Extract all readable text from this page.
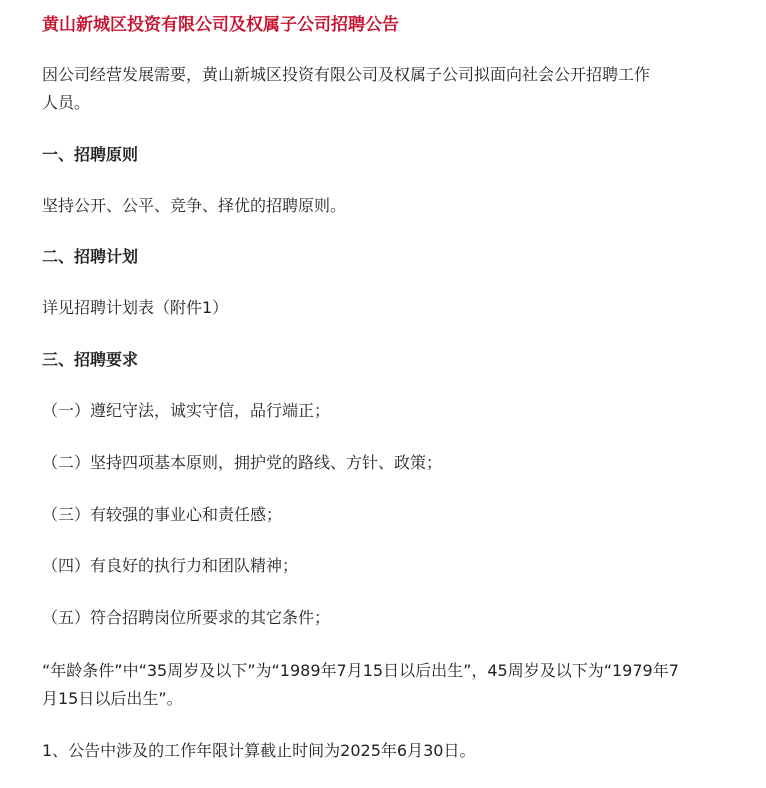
黄山新城区投资有限公司及权属子公司招聘公告
因公司经营发展需要，黄山新城区投资有限公司及权属子公司拟面向社会公开招聘工作
人员。
一、招聘原则
坚持公开、公平、竞争、择优的招聘原则。
二、招聘计划
详见招聘计划表（附件1）
三、招聘要求
（一）遵纪守法，诚实守信，品行端正；
（二）坚持四项基本原则，拥护党的路线、方针、政策；
（三）有较强的事业心和责任感；
（四）有良好的执行力和团队精神；
（五）符合招聘岗位所要求的其它条件；
“年龄条件”中“35周岁及以下”为“1989年7月15日以后出生”，45周岁及以下为“1979年7
月15日以后出生”。
1、公告中涉及的工作年限计算截止时间为2025年6月30日。
